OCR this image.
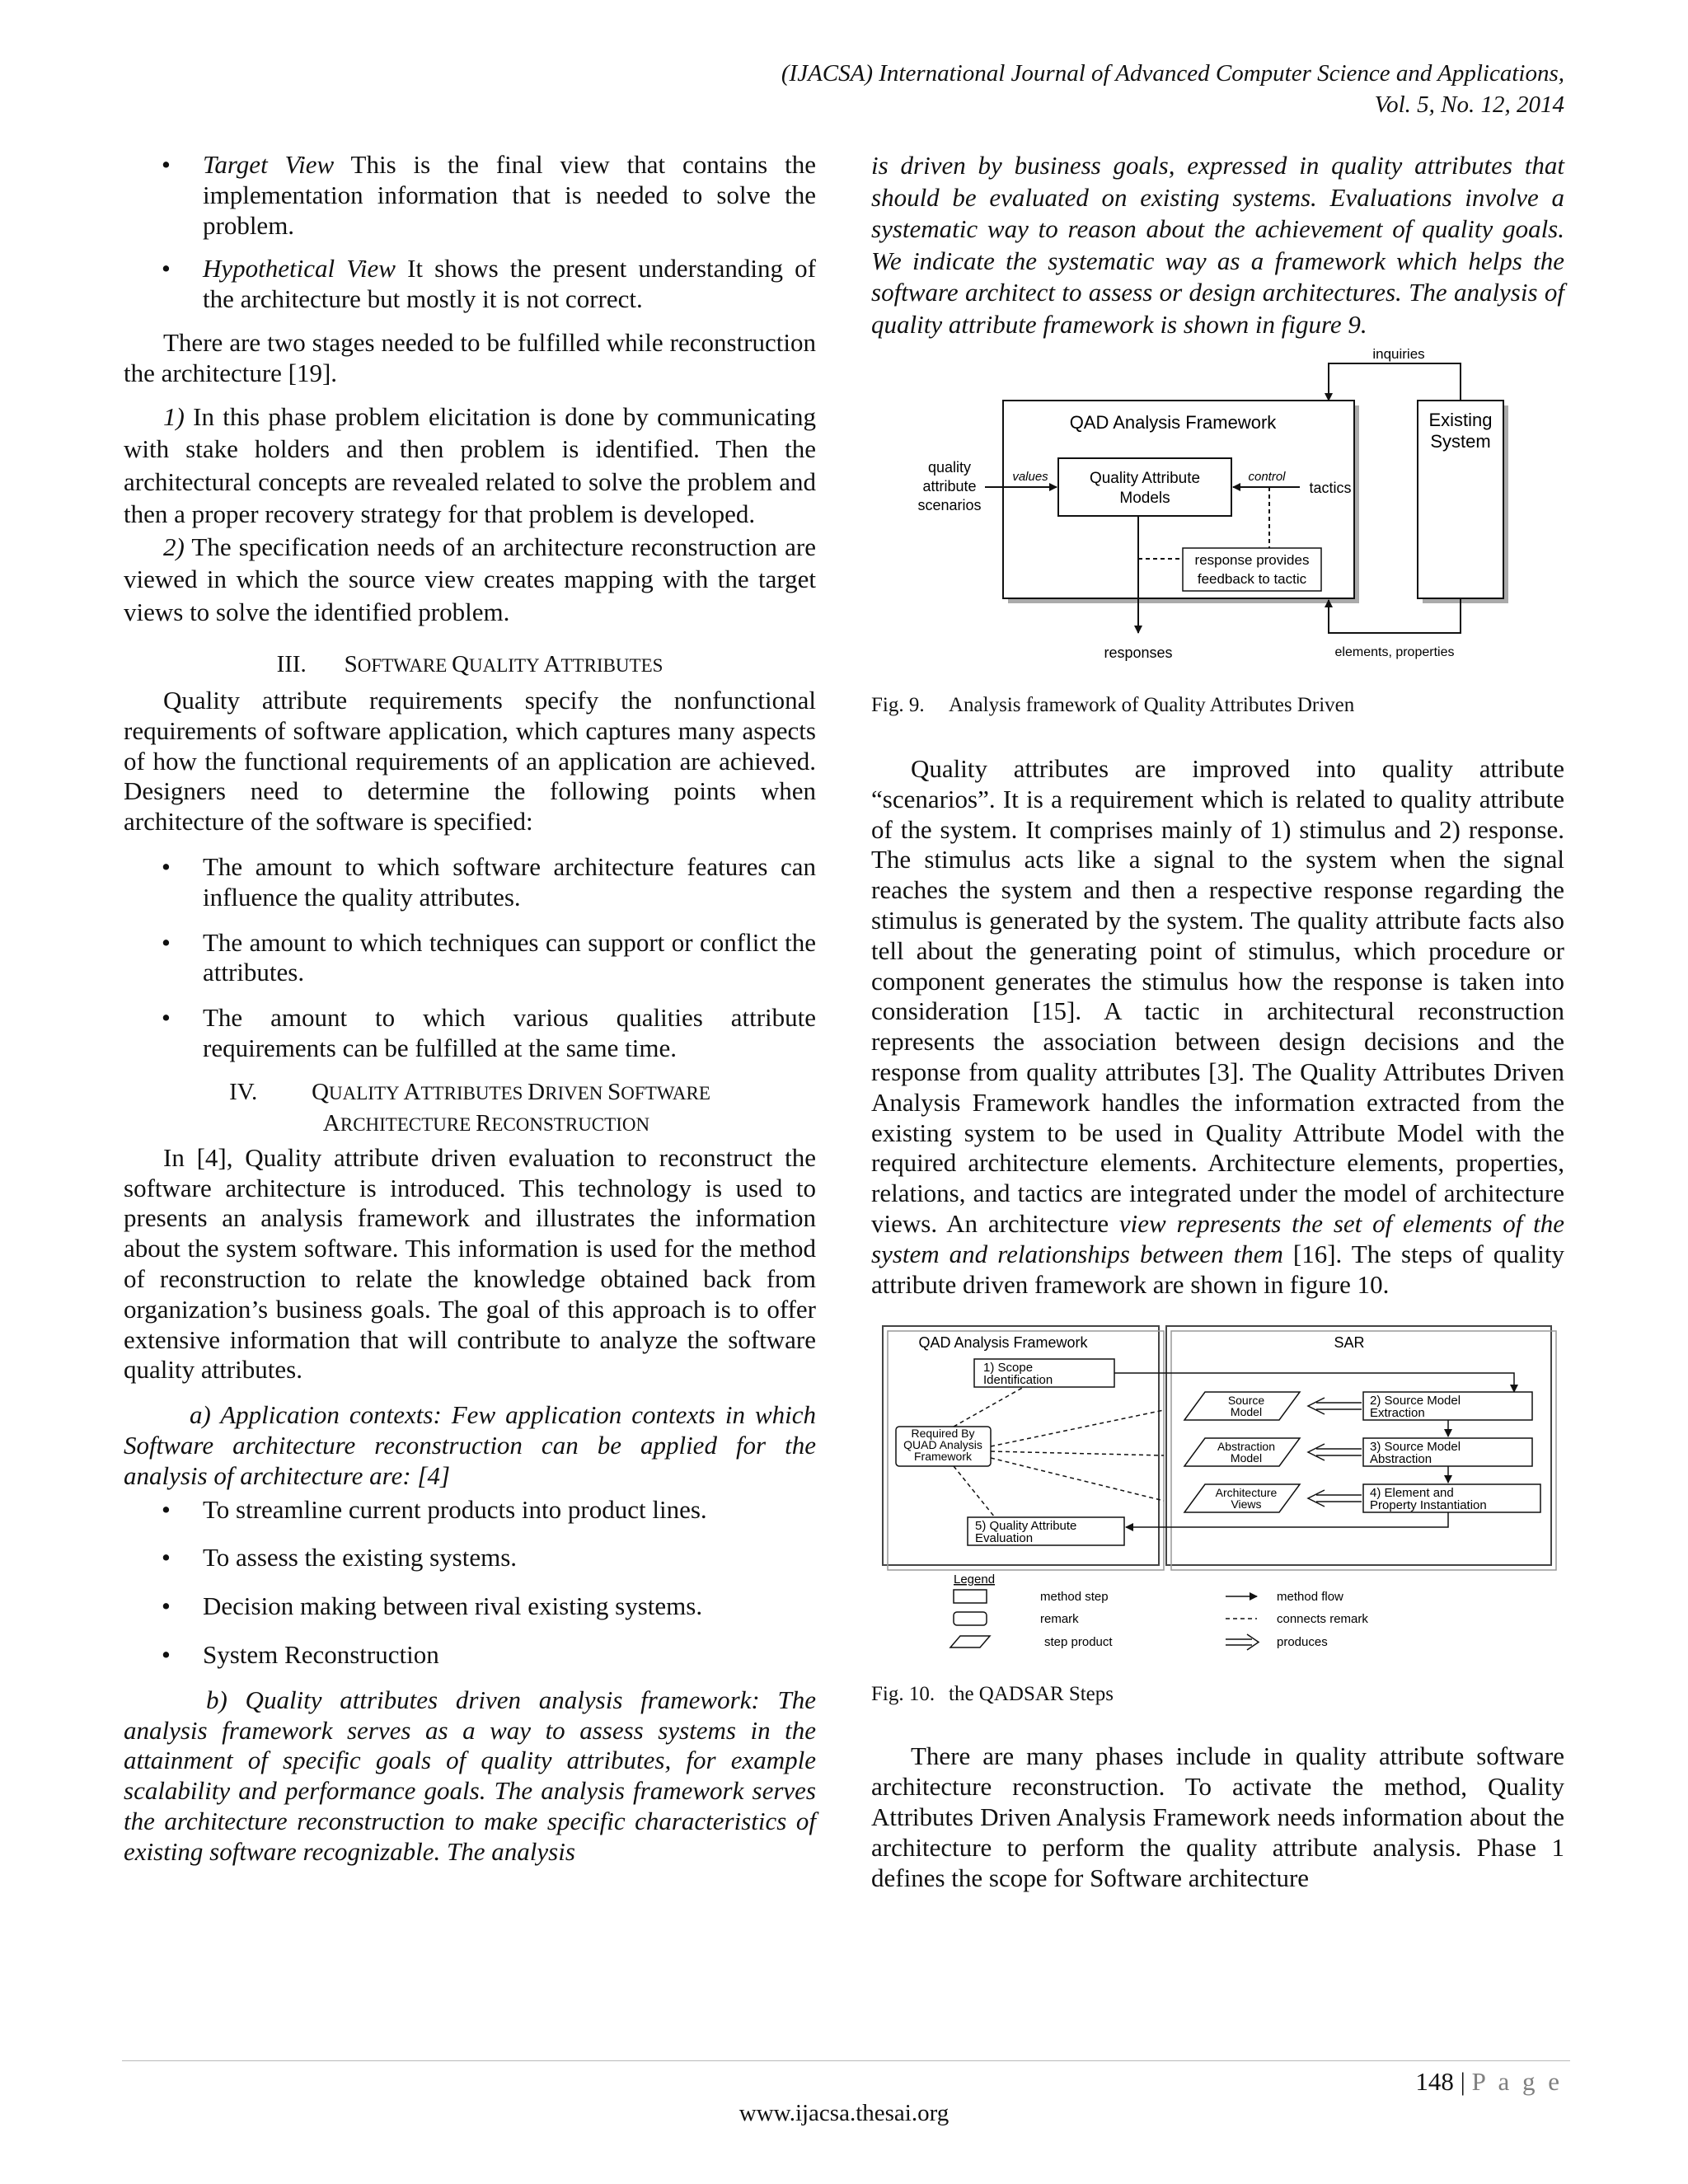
(IJACSA) International Journal of Advanced Computer Science and Applications,
Vol. 5, No. 12, 2014
• Target View This is the final view that contains the implementation information that is needed to solve the problem.
• Hypothetical View It shows the present understanding of the architecture but mostly it is not correct.

There are two stages needed to be fulfilled while reconstruction the architecture [19].

1) In this phase problem elicitation is done by communicating with stake holders and then problem is identified. Then the architectural concepts are revealed related to solve the problem and then a proper recovery strategy for that problem is developed.

2) The specification needs of an architecture reconstruction are viewed in which the source view creates mapping with the target views to solve the identified problem.

III. SOFTWARE QUALITY ATTRIBUTES

Quality attribute requirements specify the nonfunctional requirements of software application, which captures many aspects of how the functional requirements of an application are achieved. Designers need to determine the following points when architecture of the software is specified:

• The amount to which software architecture features can influence the quality attributes.
• The amount to which techniques can support or conflict the attributes.
• The amount to which various qualities attribute requirements can be fulfilled at the same time.
IV. QUALITY ATTRIBUTES DRIVEN SOFTWARE
ARCHITECTURE RECONSTRUCTION

In [4], Quality attribute driven evaluation to reconstruct the software architecture is introduced. This technology is used to presents an analysis framework and illustrates the information about the system software. This information is used for the method of reconstruction to relate the knowledge obtained back from organization’s business goals. The goal of this approach is to offer extensive information that will contribute to analyze the software quality attributes.

a) Application contexts: Few application contexts in which Software architecture reconstruction can be applied for the analysis of architecture are: [4]

• To streamline current products into product lines.
• To assess the existing systems.
• Decision making between rival existing systems.
• System Reconstruction

b) Quality attributes driven analysis framework: The analysis framework serves as a way to assess systems in the attainment of specific goals of quality attributes, for example scalability and performance goals. The analysis framework serves the architecture reconstruction to make specific characteristics of existing software recognizable. The analysis

is driven by business goals, expressed in quality attributes that should be evaluated on existing systems. Evaluations involve a systematic way to reason about the achievement of quality goals. We indicate the systematic way as a framework which helps the software architect to assess or design architectures. The analysis of quality attribute framework is shown in figure 9.

QAD Analysis Framework	Existing
System
inquiries
Quality Attribute
Models
quality
attribute
scenarios
values	control
tactics
response provides
feedback to tactic
responses	elements, properties
Fig. 9. Analysis framework of Quality Attributes Driven

Quality attributes are improved into quality attribute “scenarios”. It is a requirement which is related to quality attribute of the system. It comprises mainly of 1) stimulus and 2) response. The stimulus acts like a signal to the system when the signal reaches the system and then a respective response regarding the stimulus is generated by the system. The quality attribute facts also tell about the generating point of stimulus, which procedure or component generates the stimulus how the response is taken into consideration [15]. A tactic in architectural reconstruction represents the association between design decisions and the response from quality attributes [3]. The Quality Attributes Driven Analysis Framework handles the information extracted from the existing system to be used in Quality Attribute Model with the required architecture elements. Architecture elements, properties, relations, and tactics are integrated under the model of architecture views. An architecture view represents the set of elements of the system and relationships between them [16]. The steps of quality attribute driven framework are shown in figure 10.

QAD Analysis Framework	SAR
1) Scope
Identification
Required By
QUAD Analysis
Framework
5) Quality Attribute
Evaluation
Source
Model
Abstraction
Model
Architecture
Views
2) Source Model
Extraction
3) Source Model
Abstraction
4) Element and
Property Instantiation
Legend
method step
remark
step product
method flow
connects remark
produces
Fig. 10. the QADSAR Steps

There are many phases include in quality attribute software architecture reconstruction. To activate the method, Quality Attributes Driven Analysis Framework needs information about the architecture to perform the quality attribute analysis. Phase 1 defines the scope for Software architecture

148 | P a g e
www.ijacsa.thesai.org
